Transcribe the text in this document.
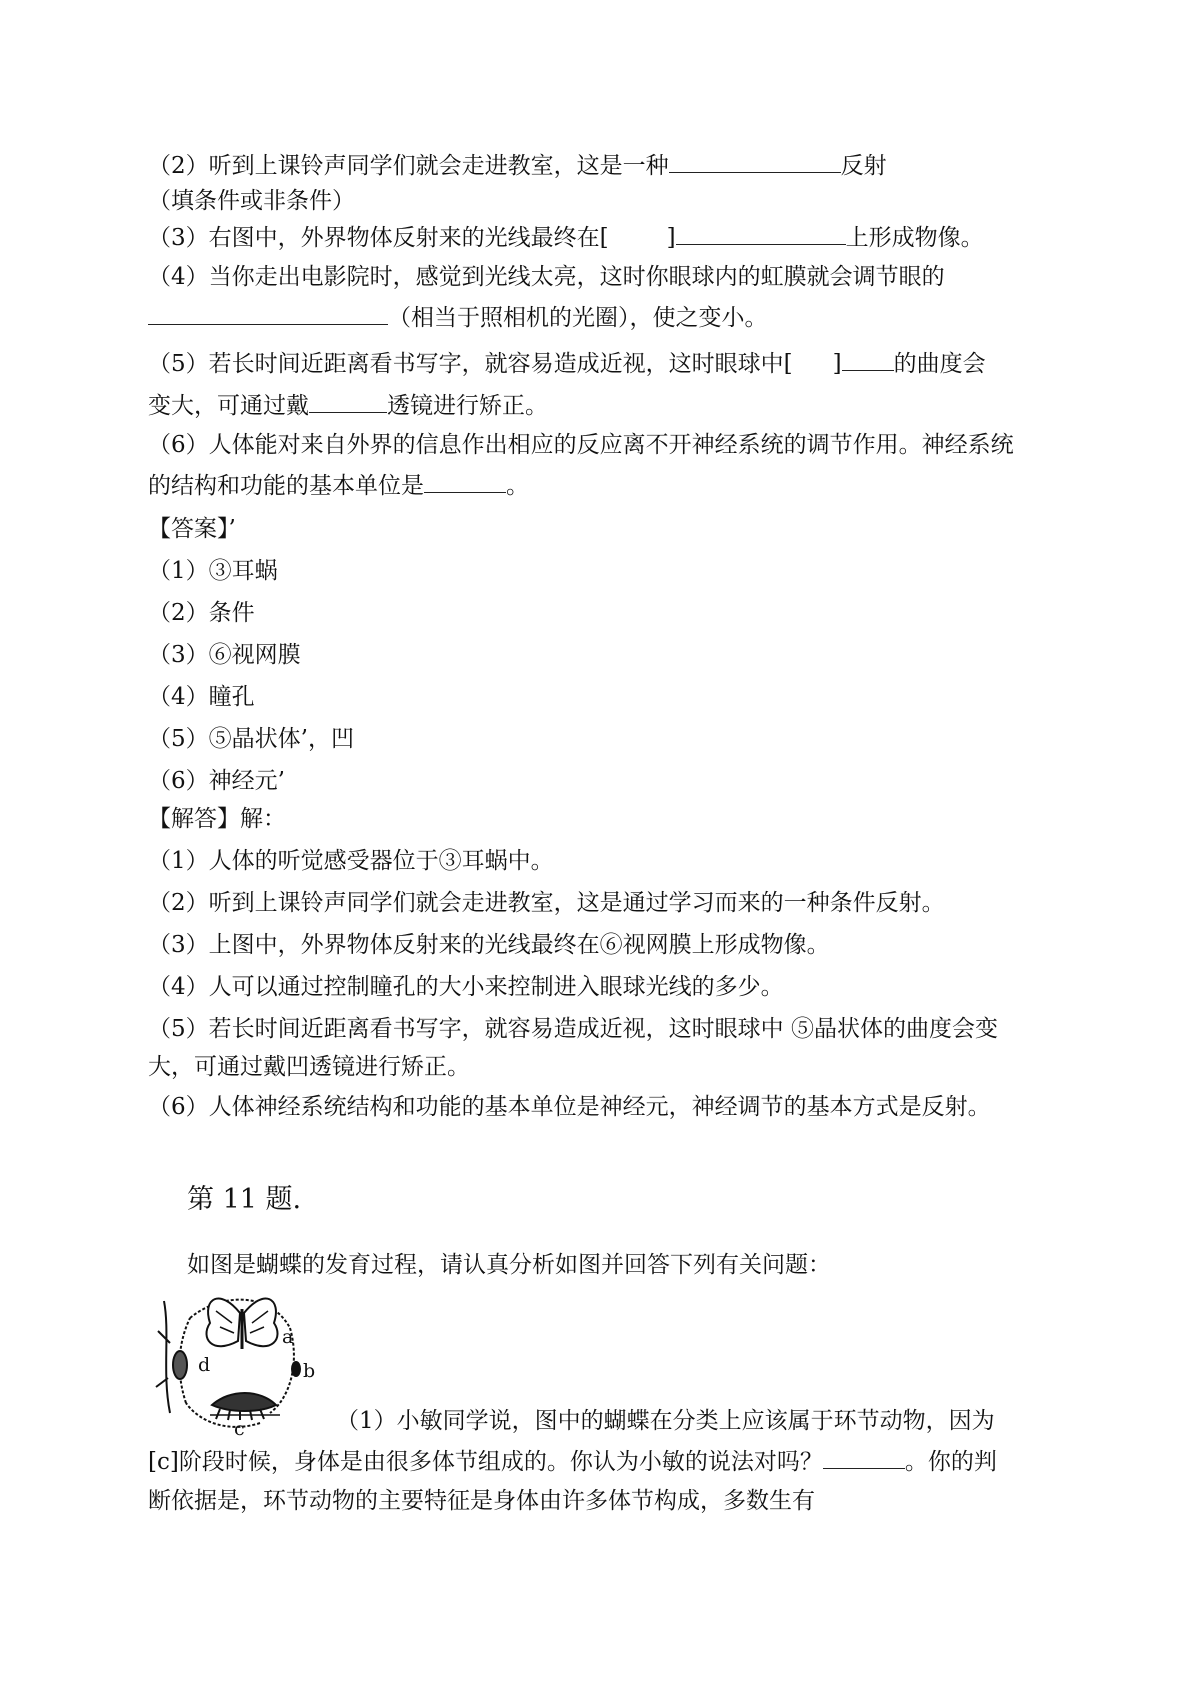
（2）听到上课铃声同学们就会走进教室，这是一种	反射
（填条件或非条件）
（3）右图中，外界物体反射来的光线最终在[	]	上形成物像。
（4）当你走出电影院时，感觉到光线太亮，这时你眼球内的虹膜就会调节眼的
（相当于照相机的光圈），使之变小。
（5）若长时间近距离看书写字，就容易造成近视，这时眼球中[ ] 的曲度会
变大，可通过戴	透镜进行矫正。
（6）人体能对来自外界的信息作出相应的反应离不开神经系统的调节作用。神经系统
的结构和功能的基本单位是	。
【答案】’
（1）③耳蜗
（2）条件
（3）⑥视网膜
（4）瞳孔
（5）⑤晶状体’，凹
（6）神经元’
【解答】解：
（1）人体的听觉感受器位于③耳蜗中。
（2）听到上课铃声同学们就会走进教室，这是通过学习而来的一种条件反射。
（3）上图中，外界物体反射来的光线最终在⑥视网膜上形成物像。
（4）人可以通过控制瞳孔的大小来控制进入眼球光线的多少。
（5）若长时间近距离看书写字，就容易造成近视，这时眼球中 ⑤晶状体的曲度会变
大，可通过戴凹透镜进行矫正。
（6）人体神经系统结构和功能的基本单位是神经元，神经调节的基本方式是反射。
第 11 题.
如图是蝴蝶的发育过程，请认真分析如图并回答下列有关问题：
a
b
c
d
（1）小敏同学说，图中的蝴蝶在分类上应该属于环节动物，因为
[c]阶段时候，身体是由很多体节组成的。你认为小敏的说法对吗？	。你的判
断依据是，环节动物的主要特征是身体由许多体节构成，多数生有
